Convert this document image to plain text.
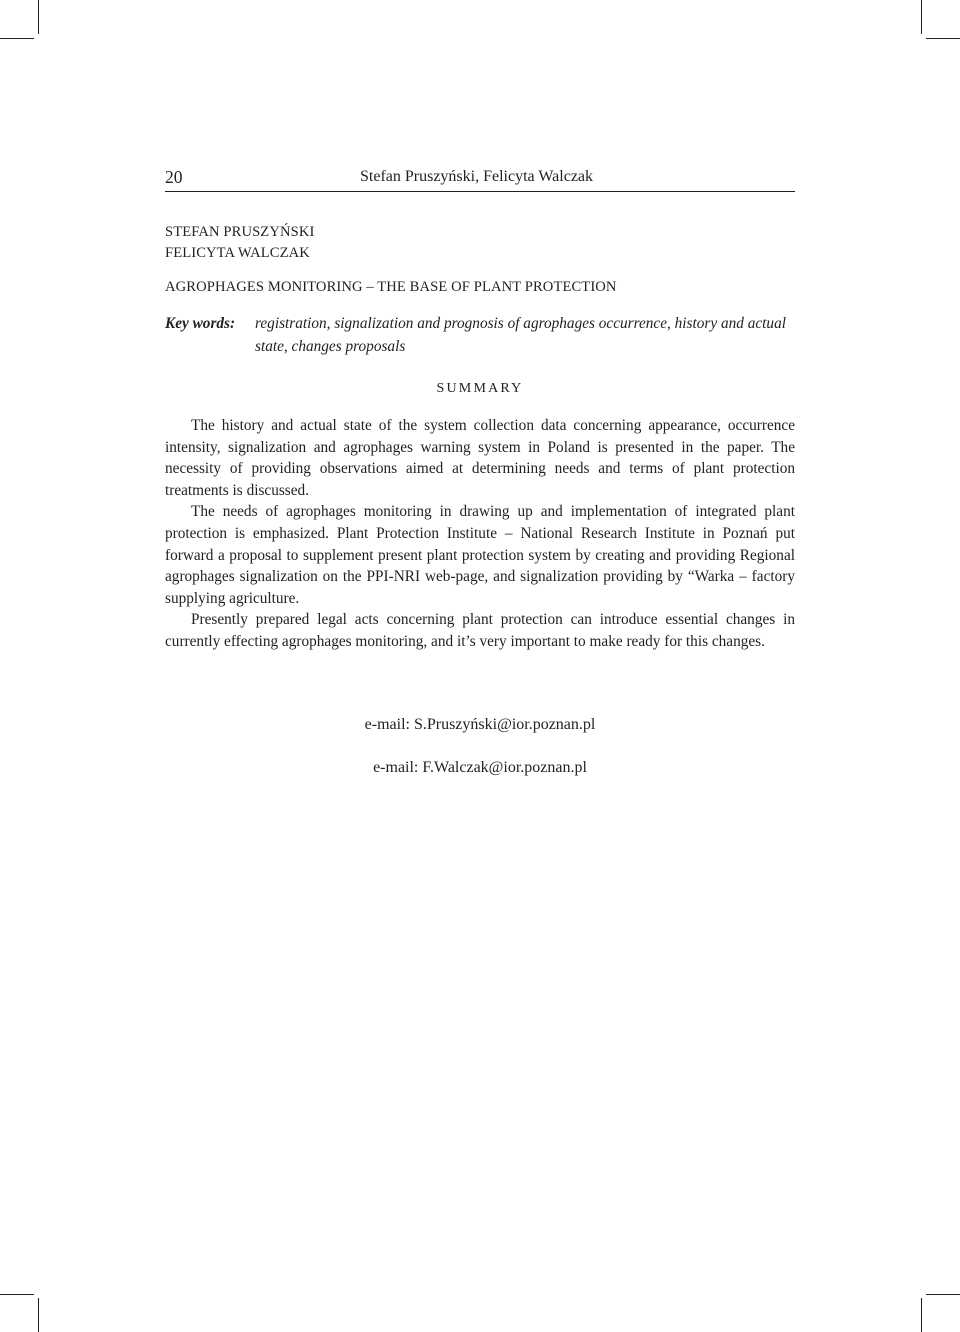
20	Stefan Pruszyński, Felicyta Walczak
STEFAN PRUSZYŃSKI
FELICYTA WALCZAK
AGROPHAGES MONITORING – THE BASE OF PLANT PROTECTION
Key words:	registration, signalization and prognosis of agrophages occurrence, history and actual state, changes proposals
SUMMARY

The history and actual state of the system collection data concerning appearance, occurrence intensity, signalization and agrophages warning system in Poland is presented in the paper. The necessity of providing observations aimed at determining needs and terms of plant protection treatments is discussed.

The needs of agrophages monitoring in drawing up and implementation of integrated plant protection is emphasized. Plant Protection Institute – National Research Institute in Poznań put forward a proposal to supplement present plant protection system by creating and providing Regional agrophages signalization on the PPI-NRI web-page, and signalization providing by “Warka – factory supplying agriculture.

Presently prepared legal acts concerning plant protection can introduce essential changes in currently effecting agrophages monitoring, and it’s very important to make ready for this changes.

e-mail: S.Pruszyński@ior.poznan.pl
e-mail: F.Walczak@ior.poznan.pl
